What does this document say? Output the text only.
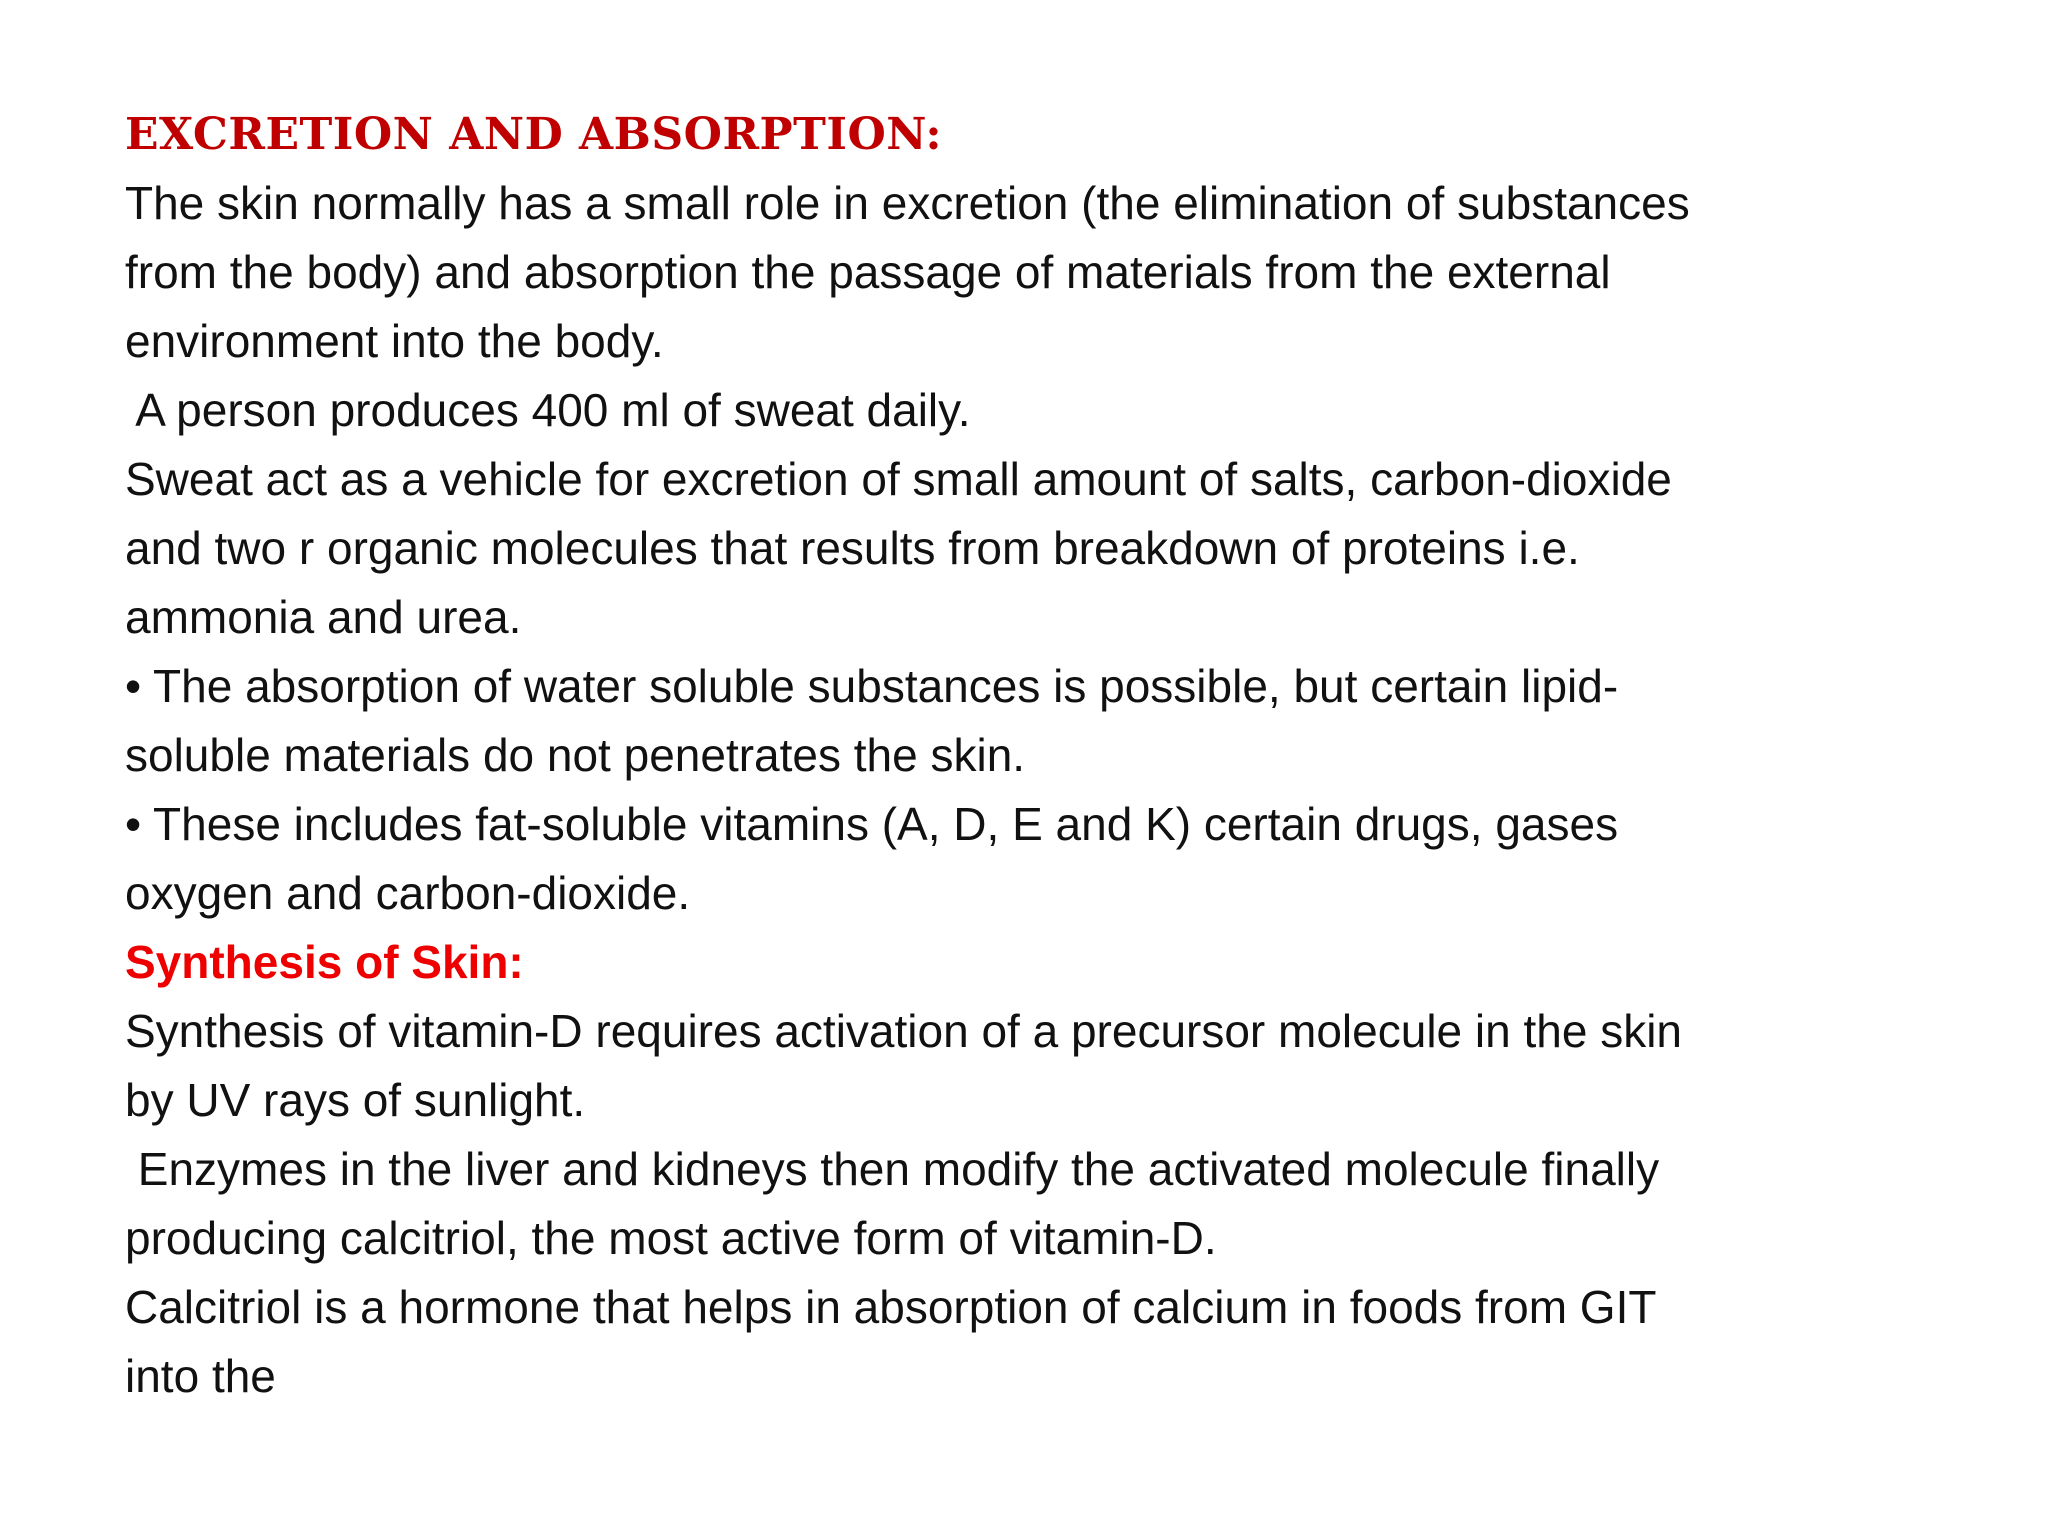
EXCRETION AND ABSORPTION:
The skin normally has a small role in excretion (the elimination of substances
from the body) and absorption the passage of materials from the external
environment into the body.
A person produces 400 ml of sweat daily.
Sweat act as a vehicle for excretion of small amount of salts, carbon-dioxide
and two r organic molecules that results from breakdown of proteins i.e.
ammonia and urea.
• The absorption of water soluble substances is possible, but certain lipid-
soluble materials do not penetrates the skin.
• These includes fat-soluble vitamins (A, D, E and K) certain drugs, gases
oxygen and carbon-dioxide.
Synthesis of Skin:
Synthesis of vitamin-D requires activation of a precursor molecule in the skin
by UV rays of sunlight.
Enzymes in the liver and kidneys then modify the activated molecule finally
producing calcitriol, the most active form of vitamin-D.
Calcitriol is a hormone that helps in absorption of calcium in foods from GIT
into the
